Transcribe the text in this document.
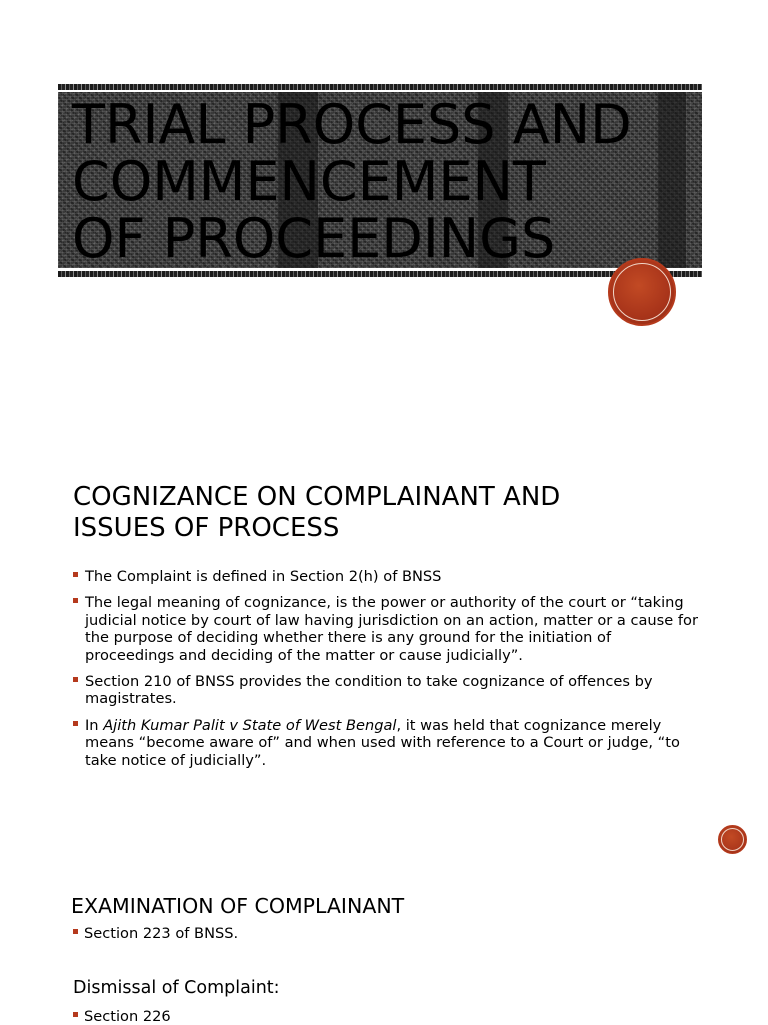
TRIAL PROCESS AND
COMMENCEMENT
OF PROCEEDINGS
COGNIZANCE ON COMPLAINANT AND
ISSUES OF PROCESS
The Complaint is defined in Section 2(h) of BNSS
The legal meaning of cognizance, is the power or authority of the court or “taking judicial notice by court of law having jurisdiction on an action, matter or a cause for the purpose of deciding whether there is any ground for the initiation of proceedings and deciding of the matter or cause judicially”.
Section 210 of BNSS provides the condition to take cognizance of offences by magistrates.
In Ajith Kumar Palit v State of West Bengal, it was held that cognizance merely means “become aware of” and when used with reference to a Court or judge, “to take notice of judicially”.
EXAMINATION OF COMPLAINANT
Section 223 of BNSS.
Dismissal of Complaint:
Section 226
